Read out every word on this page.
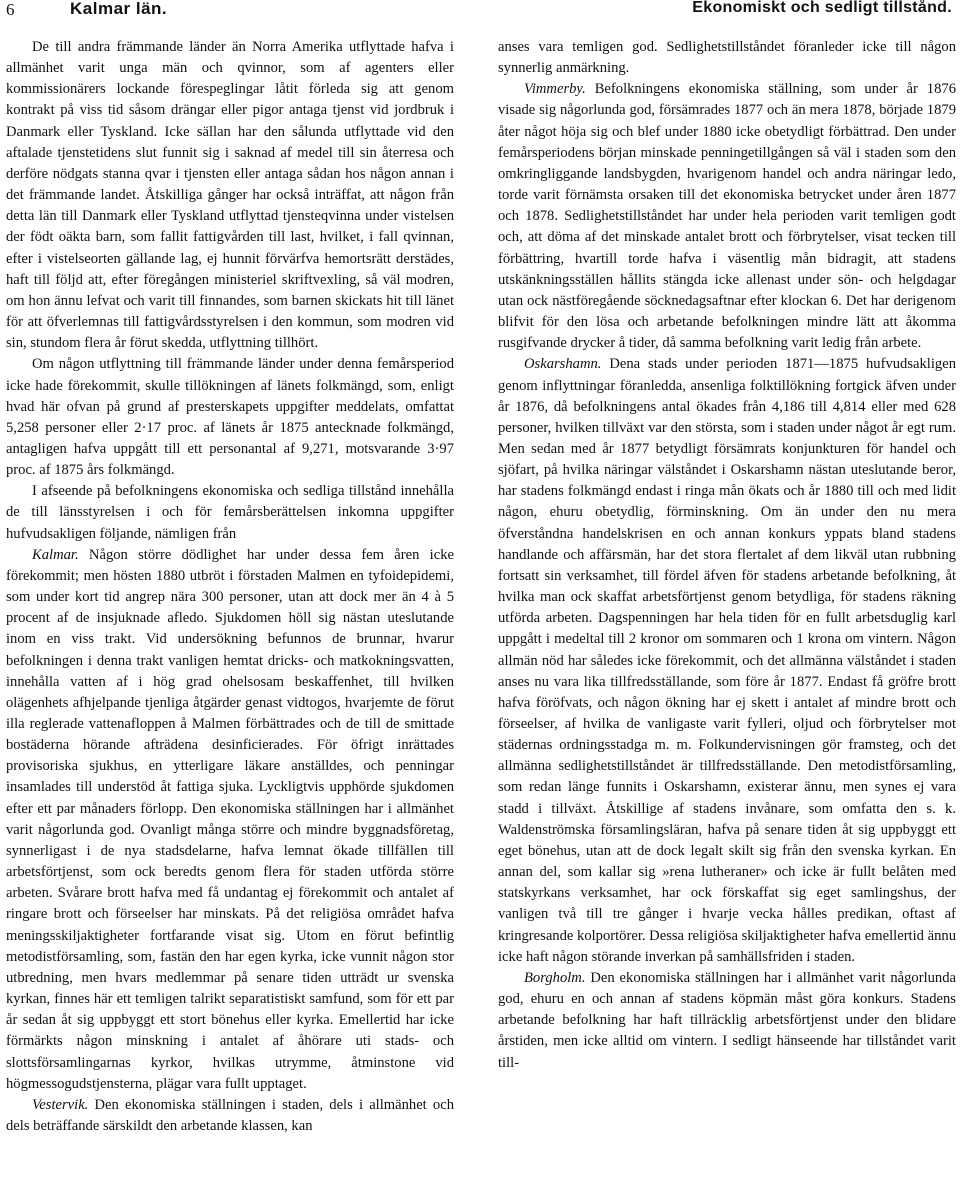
6	Kalmar län.	Ekonomiskt och sedligt tillstånd.

De till andra främmande länder än Norra Amerika utflyttade hafva i allmänhet varit unga män och qvinnor, som af agenters eller kommissionärers lockande förespeglingar låtit förleda sig att genom kontrakt på viss tid såsom drängar eller pigor antaga tjenst vid jordbruk i Danmark eller Tyskland. Icke sällan har den sålunda utflyttade vid den aftalade tjenstetidens slut funnit sig i saknad af medel till sin återresa och derföre nödgats stanna qvar i tjensten eller antaga sådan hos någon annan i det främmande landet. Åtskilliga gånger har också inträffat, att någon från detta län till Danmark eller Tyskland utflyttad tjensteqvinna under vistelsen der födt oäkta barn, som fallit fattigvården till last, hvilket, i fall qvinnan, efter i vistelseorten gällande lag, ej hunnit förvärfva hemortsrätt derstädes, haft till följd att, efter föregången ministeriel skriftvexling, så väl modren, om hon ännu lefvat och varit till finnandes, som barnen skickats hit till länet för att öfverlemnas till fattigvårdsstyrelsen i den kommun, som modren vid sin, stundom flera år förut skedda, utflyttning tillhört.

Om någon utflyttning till främmande länder under denna femårsperiod icke hade förekommit, skulle tillökningen af länets folkmängd, som, enligt hvad här ofvan på grund af presterskapets uppgifter meddelats, omfattat 5,258 personer eller 2·17 proc. af länets år 1875 antecknade folkmängd, antagligen hafva uppgått till ett personantal af 9,271, motsvarande 3·97 proc. af 1875 års folkmängd.

I afseende på befolkningens ekonomiska och sedliga tillstånd innehålla de till länsstyrelsen i och för femårsberättelsen inkomna uppgifter hufvudsakligen följande, nämligen från

Kalmar. Någon större dödlighet har under dessa fem åren icke förekommit; men hösten 1880 utbröt i förstaden Malmen en tyfoidepidemi, som under kort tid angrep nära 300 personer, utan att dock mer än 4 à 5 procent af de insjuknade afledo. Sjukdomen höll sig nästan uteslutande inom en viss trakt. Vid undersökning befunnos de brunnar, hvarur befolkningen i denna trakt vanligen hemtat dricks- och matkokningsvatten, innehålla vatten af i hög grad ohelsosam beskaffenhet, till hvilken olägenhets afhjelpande tjenliga åtgärder genast vidtogos, hvarjemte de förut illa reglerade vattenafloppen å Malmen förbättrades och de till de smittade bostäderna hörande afträdena desinficierades. För öfrigt inrättades provisoriska sjukhus, en ytterligare läkare anställdes, och penningar insamlades till understöd åt fattiga sjuka. Lyckligtvis upphörde sjukdomen efter ett par månaders förlopp. Den ekonomiska ställningen har i allmänhet varit någorlunda god. Ovanligt många större och mindre byggnadsföretag, synnerligast i de nya stadsdelarne, hafva lemnat ökade tillfällen till arbetsförtjenst, som ock beredts genom flera för staden utförda större arbeten. Svårare brott hafva med få undantag ej förekommit och antalet af ringare brott och förseelser har minskats. På det religiösa området hafva meningsskiljaktigheter fortfarande visat sig. Utom en förut befintlig metodistförsamling, som, fastän den har egen kyrka, icke vunnit någon stor utbredning, men hvars medlemmar på senare tiden utträdt ur svenska kyrkan, finnes här ett temligen talrikt separatistiskt samfund, som för ett par år sedan åt sig uppbyggt ett stort bönehus eller kyrka. Emellertid har icke förmärkts någon minskning i antalet af åhörare uti stads- och slottsförsamlingarnas kyrkor, hvilkas utrymme, åtminstone vid högmessogudstjensterna, plägar vara fullt upptaget.

Vestervik. Den ekonomiska ställningen i staden, dels i allmänhet och dels beträffande särskildt den arbetande klassen, kan

anses vara temligen god. Sedlighetstillståndet föranleder icke till någon synnerlig anmärkning.

Vimmerby. Befolkningens ekonomiska ställning, som under år 1876 visade sig någorlunda god, försämrades 1877 och än mera 1878, började 1879 åter något höja sig och blef under 1880 icke obetydligt förbättrad. Den under femårsperiodens början minskade penningetillgången så väl i staden som den omkringliggande landsbygden, hvarigenom handel och andra näringar ledo, torde varit förnämsta orsaken till det ekonomiska betrycket under åren 1877 och 1878. Sedlighetstillståndet har under hela perioden varit temligen godt och, att döma af det minskade antalet brott och förbrytelser, visat tecken till förbättring, hvartill torde hafva i väsentlig mån bidragit, att stadens utskänkningsställen hållits stängda icke allenast under sön- och helgdagar utan ock nästföregående söcknedagsaftnar efter klockan 6. Det har derigenom blifvit för den lösa och arbetande befolkningen mindre lätt att åkomma rusgifvande drycker å tider, då samma befolkning varit ledig från arbete.

Oskarshamn. Dena stads under perioden 1871—1875 hufvudsakligen genom inflyttningar föranledda, ansenliga folktillökning fortgick äfven under år 1876, då befolkningens antal ökades från 4,186 till 4,814 eller med 628 personer, hvilken tillväxt var den största, som i staden under något år egt rum. Men sedan med år 1877 betydligt försämrats konjunkturen för handel och sjöfart, på hvilka näringar välståndet i Oskarshamn nästan uteslutande beror, har stadens folkmängd endast i ringa mån ökats och år 1880 till och med lidit någon, ehuru obetydlig, förminskning. Om än under den nu mera öfverståndna handelskrisen en och annan konkurs yppats bland stadens handlande och affärsmän, har det stora flertalet af dem likväl utan rubbning fortsatt sin verksamhet, till fördel äfven för stadens arbetande befolkning, åt hvilka man ock skaffat arbetsförtjenst genom betydliga, för stadens räkning utförda arbeten. Dagspenningen har hela tiden för en fullt arbetsduglig karl uppgått i medeltal till 2 kronor om sommaren och 1 krona om vintern. Någon allmän nöd har således icke förekommit, och det allmänna välståndet i staden anses nu vara lika tillfredsställande, som före år 1877. Endast få gröfre brott hafva föröfvats, och någon ökning har ej skett i antalet af mindre brott och förseelser, af hvilka de vanligaste varit fylleri, oljud och förbrytelser mot städernas ordningsstadga m. m. Folkundervisningen gör framsteg, och det allmänna sedlighetstillståndet är tillfredsställande. Den metodistförsamling, som redan länge funnits i Oskarshamn, existerar ännu, men synes ej vara stadd i tillväxt. Åtskillige af stadens invånare, som omfatta den s. k. Waldenströmska församlingsläran, hafva på senare tiden åt sig uppbyggt ett eget bönehus, utan att de dock legalt skilt sig från den svenska kyrkan. En annan del, som kallar sig »rena lutheraner» och icke är fullt belåten med statskyrkans verksamhet, har ock förskaffat sig eget samlingshus, der vanligen två till tre gånger i hvarje vecka hålles predikan, oftast af kringresande kolportörer. Dessa religiösa skiljaktigheter hafva emellertid ännu icke haft någon störande inverkan på samhällsfriden i staden.

Borgholm. Den ekonomiska ställningen har i allmänhet varit någorlunda god, ehuru en och annan af stadens köpmän måst göra konkurs. Stadens arbetande befolkning har haft tillräcklig arbetsförtjenst under den blidare årstiden, men icke alltid om vintern. I sedligt hänseende har tillståndet varit till-
